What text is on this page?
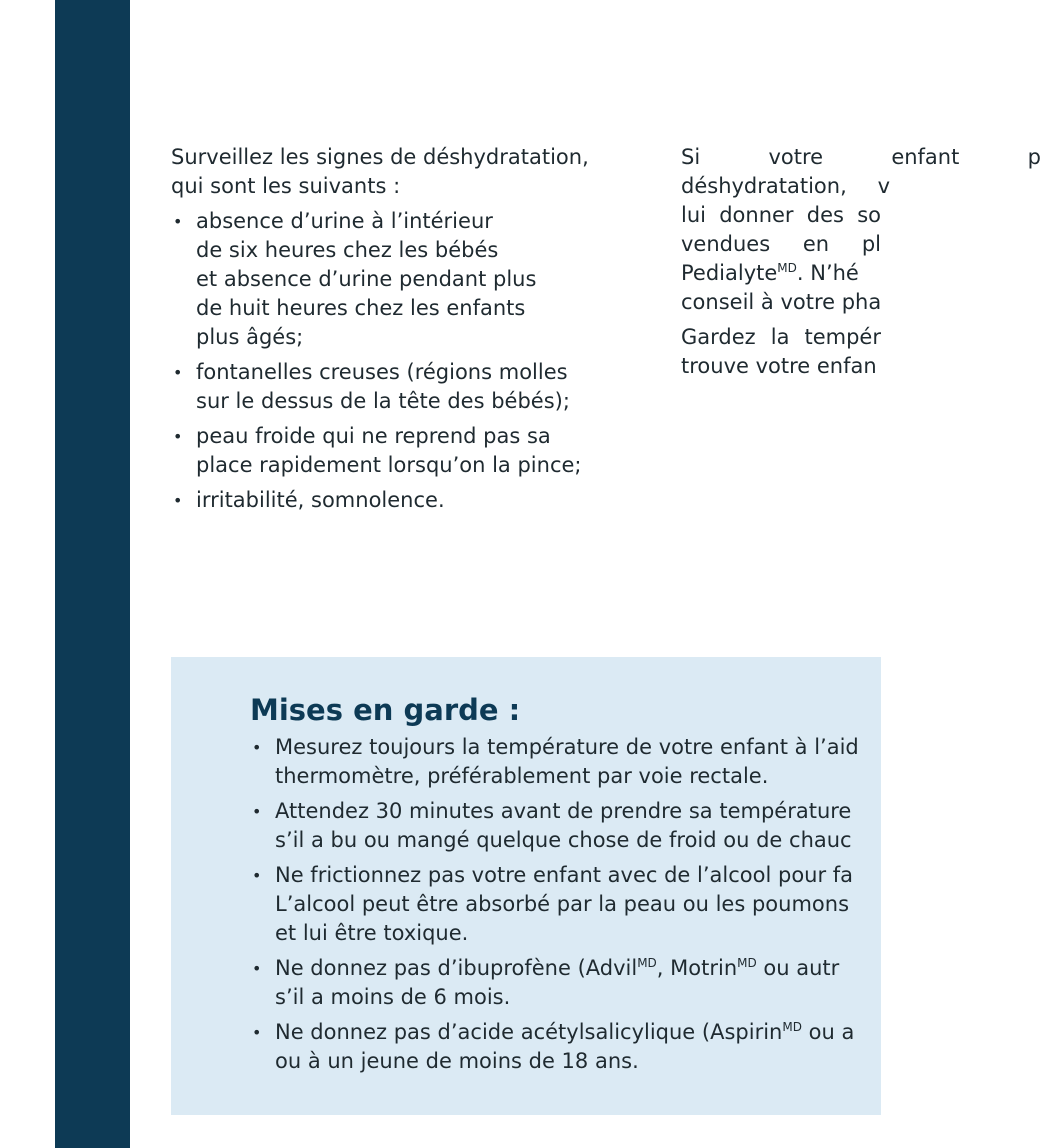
Surveillez les signes de déshydratation,
qui sont les suivants :

• absence d’urine à l’intérieur
de six heures chez les bébés
et absence d’urine pendant plus
de huit heures chez les enfants
plus âgés;
• fontanelles creuses (régions molles
sur le dessus de la tête des bébés);
• peau froide qui ne reprend pas sa
place rapidement lorsqu’on la pince;
• irritabilité, somnolence.

Si	votre	enfant	p
déshydratation, v
lui donner des so
vendues en pl
Pedialyte$^{MD}$. N’hé
conseil à votre pha

Gardez la tempér
trouve votre enfan

Mises en garde :
• Mesurez toujours la température de votre enfant à l’aid
thermomètre, préférablement par voie rectale.
• Attendez 30 minutes avant de prendre sa température
s’il a bu ou mangé quelque chose de froid ou de chauc
• Ne frictionnez pas votre enfant avec de l’alcool pour fa
L’alcool peut être absorbé par la peau ou les poumons
et lui être toxique.
• Ne donnez pas d’ibuprofène (Advil$^{MD}$, Motrin$^{MD}$ ou autr
s’il a moins de 6 mois.
• Ne donnez pas d’acide acétylsalicylique (Aspirin$^{MD}$ ou a
ou à un jeune de moins de 18 ans.
